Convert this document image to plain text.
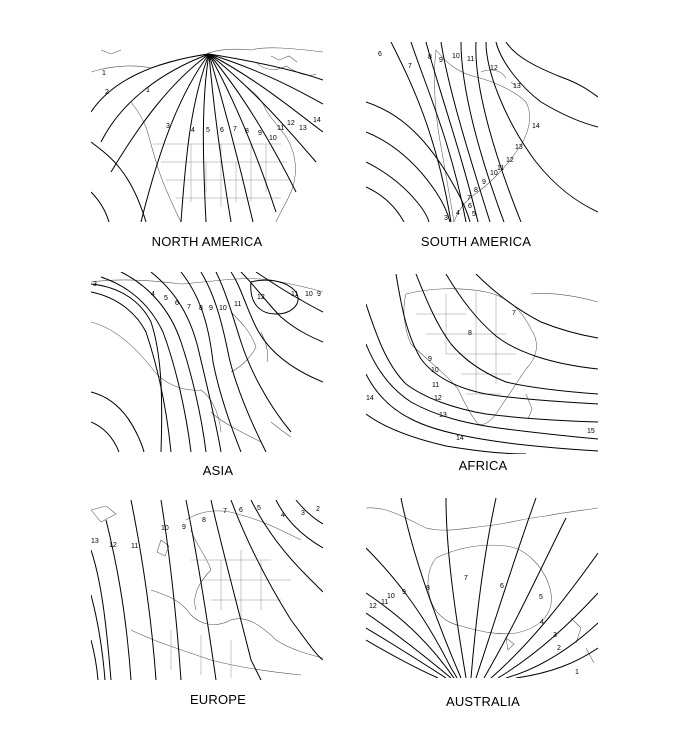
1
1
2
3
4 5 6 7 8 9
10
11
12
13
14
NORTH AMERICA
6
7
8 9
10 11
12
13
14
13
12
11
10
9
8
7
6
5
4
3
SOUTH AMERICA
3
4
5
6
7 8 9 10
11
12	11 10 9
ASIA
7
8
9
10
11
12
13
14
14
15
AFRICA
13
12 11
10 9
8
7 6 5
4 3
2
EUROPE
12
11
10
9
8
7
6
5
4
3
2
1
AUSTRALIA
